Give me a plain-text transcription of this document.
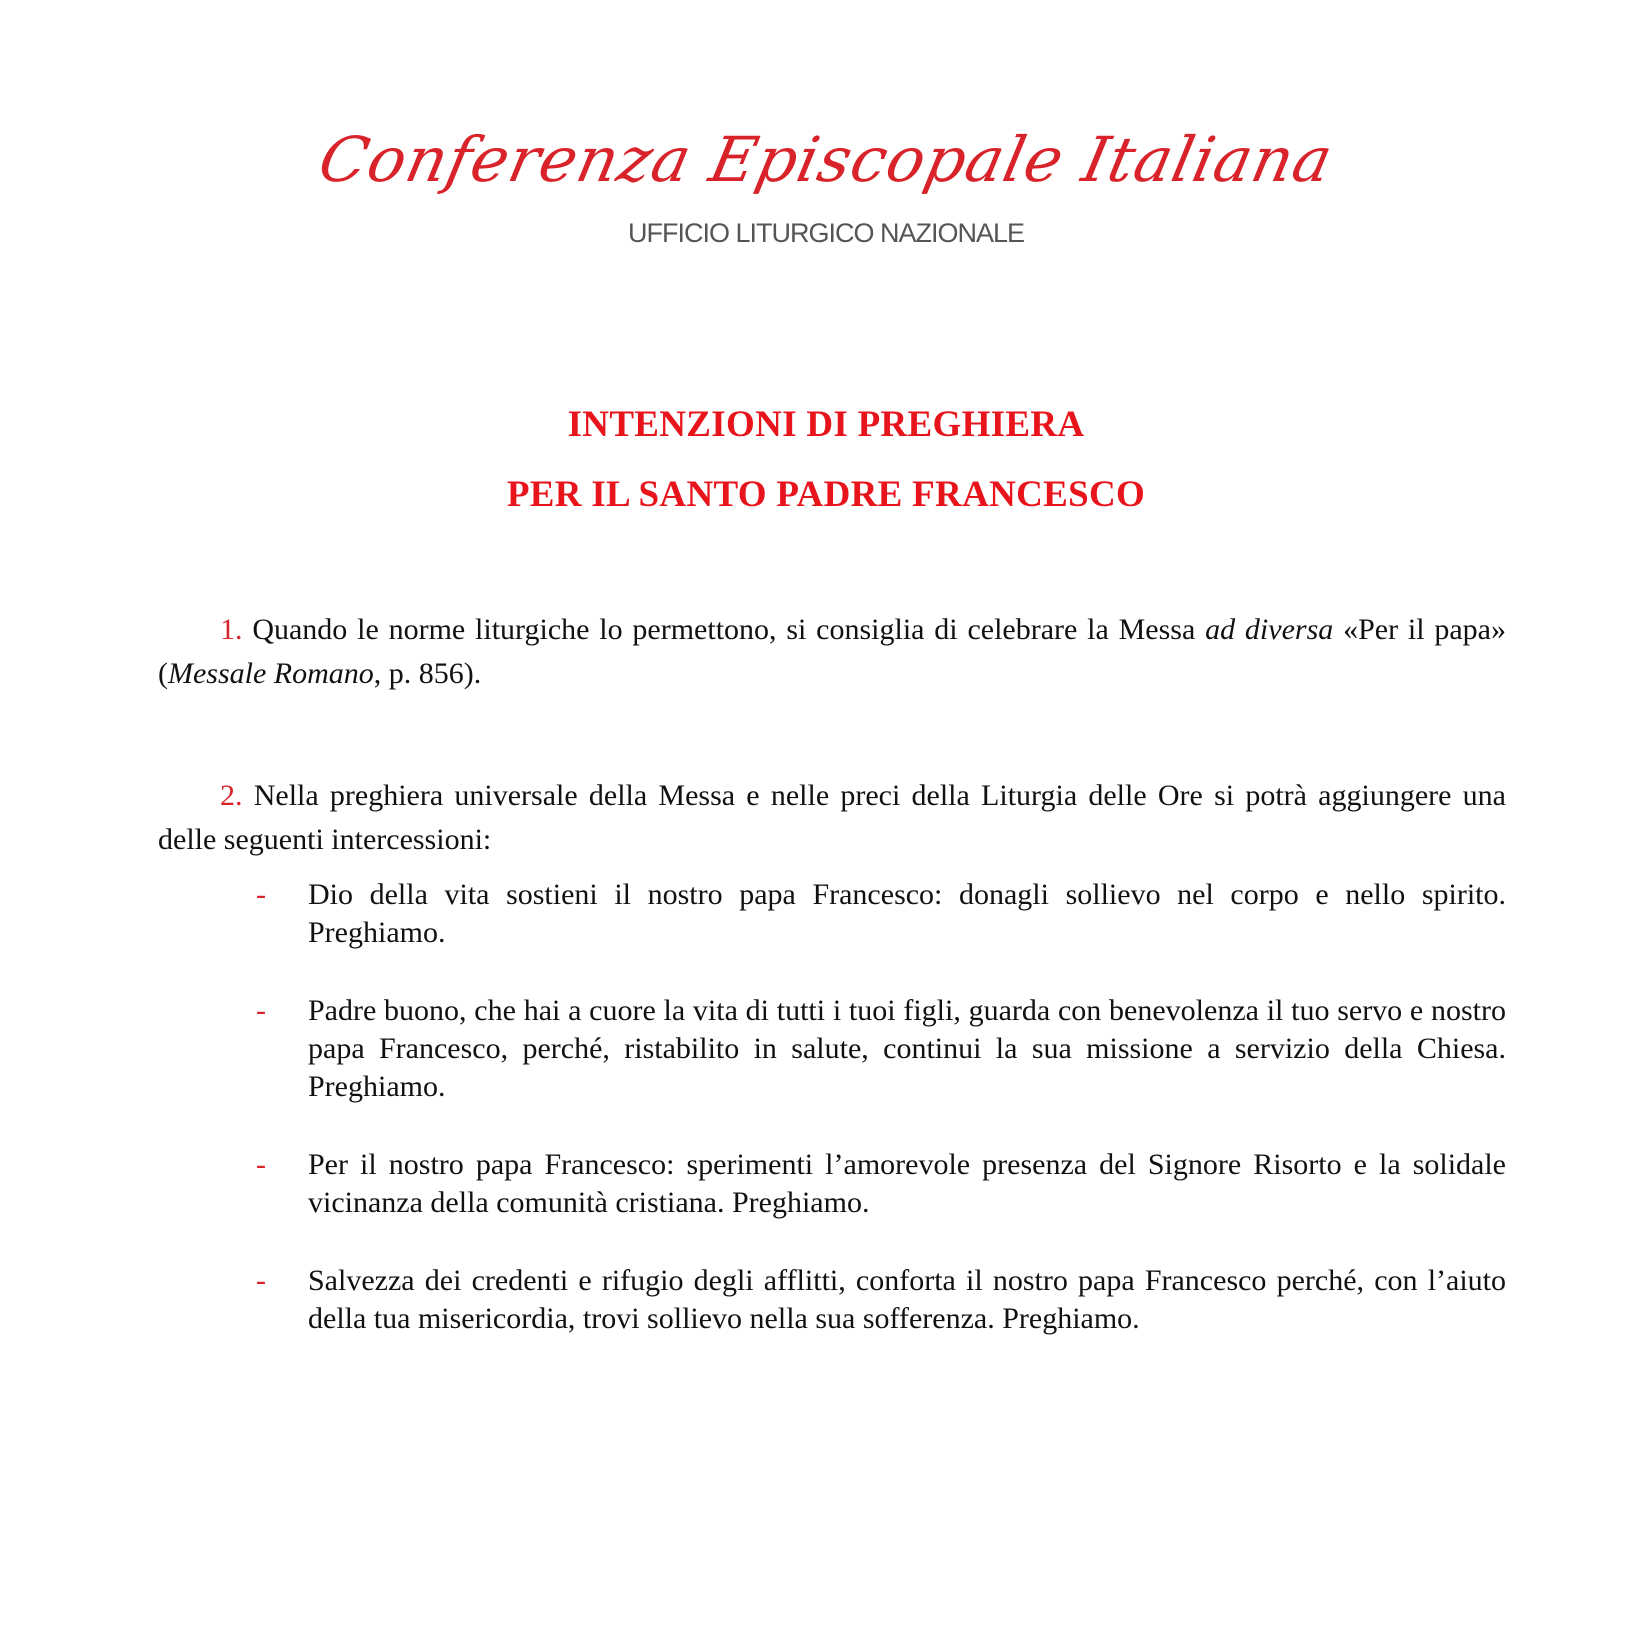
Conferenza Episcopale Italiana
UFFICIO LITURGICO NAZIONALE
INTENZIONI DI PREGHIERA
PER IL SANTO PADRE FRANCESCO

1. Quando le norme liturgiche lo permettono, si consiglia di celebrare la Messa ad diversa «Per il papa» (Messale Romano, p. 856).

2. Nella preghiera universale della Messa e nelle preci della Liturgia delle Ore si potrà aggiungere una delle seguenti intercessioni:

- Dio della vita sostieni il nostro papa Francesco: donagli sollievo nel corpo e nello spirito. Preghiamo.
- Padre buono, che hai a cuore la vita di tutti i tuoi figli, guarda con benevolenza il tuo servo e nostro papa Francesco, perché, ristabilito in salute, continui la sua missione a servizio della Chiesa. Preghiamo.
- Per il nostro papa Francesco: sperimenti l’amorevole presenza del Signore Risorto e la solidale vicinanza della comunità cristiana. Preghiamo.
- Salvezza dei credenti e rifugio degli afflitti, conforta il nostro papa Francesco perché, con l’aiuto della tua misericordia, trovi sollievo nella sua sofferenza. Preghiamo.
